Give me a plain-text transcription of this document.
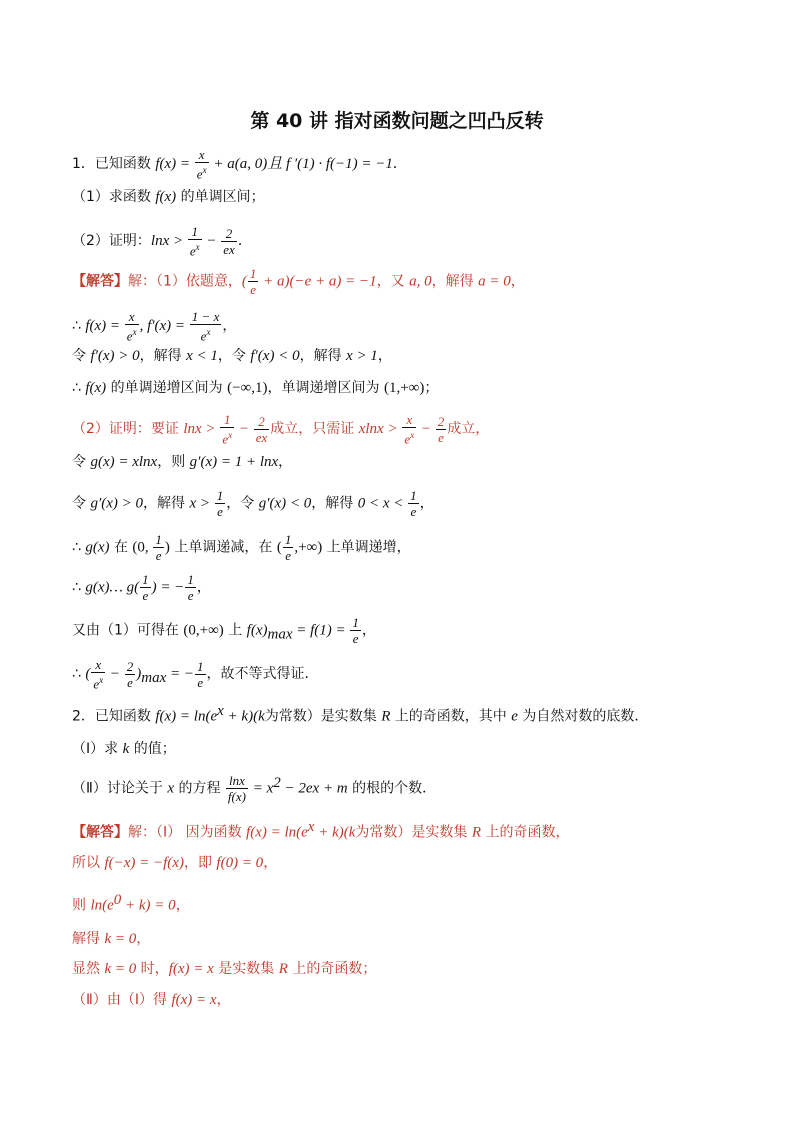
第 40 讲 指对函数问题之凹凸反转
1．已知函数 $f(x) = \frac{x}{e^x} + a(a$, 0)且 f ′(1) · f(−1) = −1．
（1）求函数 f(x) 的单调区间；
（2）证明：$\ln x > \frac{1}{e^x} - \frac{2}{ex}$ ．
【解答】解：（1）依题意，( $\frac{1}{e} + a)(-e + a) = -1$，又 a, 0，解得 a = 0，
∴ $f(x) = \frac{x}{e^x}$ , $f'(x) = \frac{1 - x}{e^x}$ ，
令 f′(x) > 0，解得 x < 1，令 f′(x) < 0，解得 x > 1，
∴ f(x) 的单调递增区间为 (−∞,1)，单调递增区间为 (1,+∞)；
（2）证明：要证 $\ln x > \frac{1}{e^x} - \frac{2}{ex}$ 成立，只需证 $xlnx > \frac{x}{e^x} - \frac{2}{e}$ 成立，
令 g(x) = xlnx，则 g′(x) = 1 + lnx，
令 g′(x) > 0，解得 $x > \frac{1}{e}$ ，令 g′(x) < 0，解得 $0 < x < \frac{1}{e}$ ，
∴ g(x) 在 (0, $\frac{1}{e}$ ) 上单调递减，在 ( $\frac{1}{e}$ ,+∞) 上单调递增，
∴ g(x)… $g( \frac{1}{e}$ ) = − $\frac{1}{e}$ ，
又由（1）可得在 (0,+∞) 上 $f(x)_{max} = f(1) = \frac{1}{e}$ ，
∴ ( $\frac{x}{e^x} - \frac{2}{e} )_{max}$ = − $\frac{1}{e}$ ，故不等式得证．
2．已知函数 $f(x) = \ln(e^x + k)(k$为常数）是实数集 R 上的奇函数，其中 e 为自然对数的底数．
（Ⅰ）求 k 的值；
（Ⅱ）讨论关于 x 的方程 $\frac{\ln x}{f(x)} = x^2 - 2ex + m$ 的根的个数．
【解答】解：（Ⅰ） 因为函数 $f(x) = \ln(e^x + k)(k$为常数）是实数集 R 上的奇函数，
所以 f(−x) = −f(x)，即 f(0) = 0，
则 $\ln(e^0 + k) = 0$，
解得 k = 0，
显然 k = 0 时，f(x) = x 是实数集 R 上的奇函数；
（Ⅱ）由（Ⅰ）得 f(x) = x，
